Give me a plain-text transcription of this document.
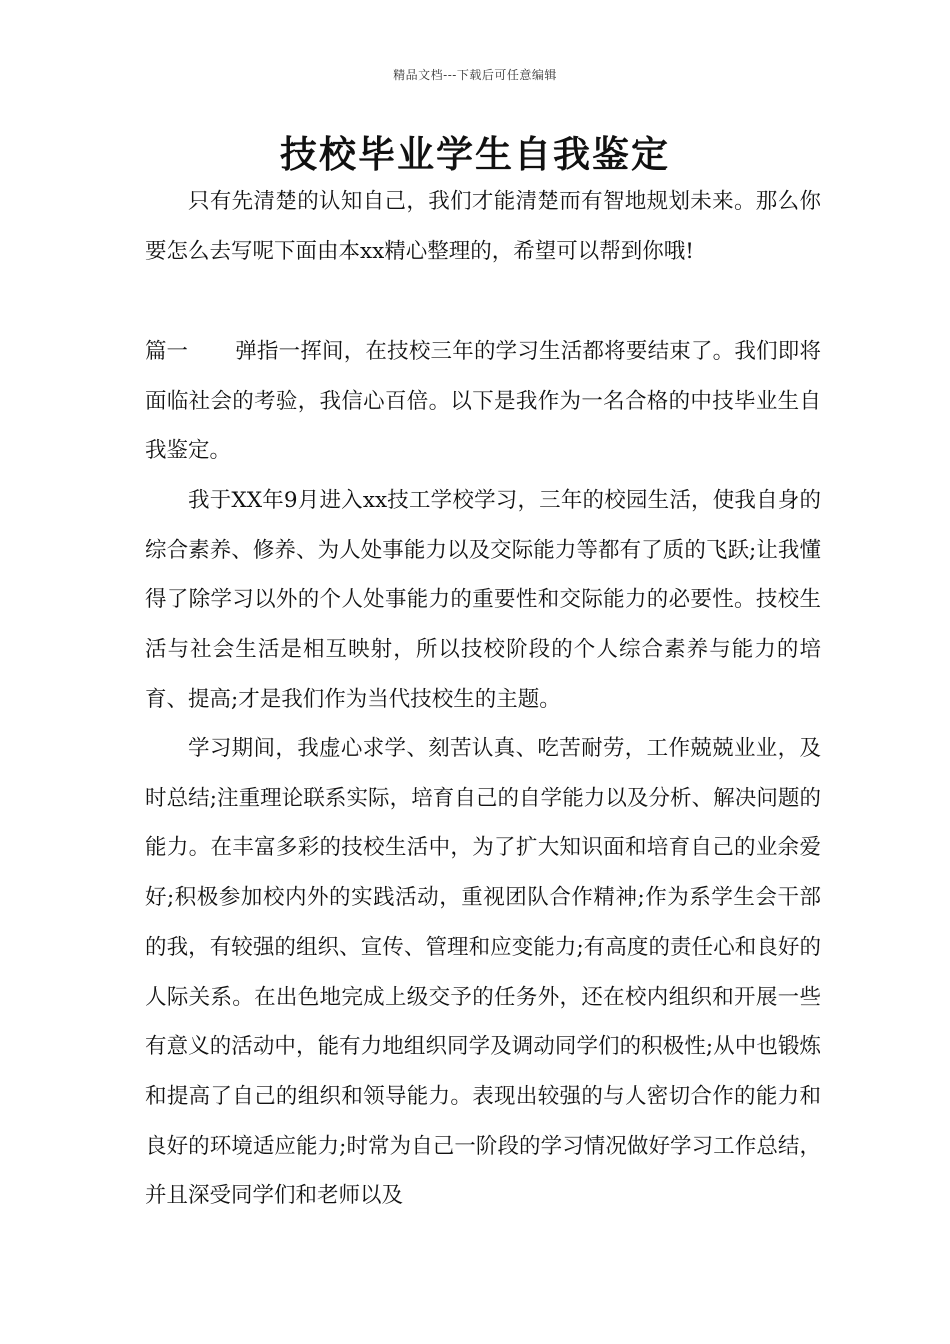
精品文档---下载后可任意编辑
技校毕业学生自我鉴定

只有先清楚的认知自己，我们才能清楚而有智地规划未来。那么你要怎么去写呢下面由本xx精心整理的，希望可以帮到你哦!

篇一 弹指一挥间，在技校三年的学习生活都将要结束了。我们即将面临社会的考验，我信心百倍。以下是我作为一名合格的中技毕业生自我鉴定。

我于XX年9月进入xx技工学校学习，三年的校园生活，使我自身的综合素养、修养、为人处事能力以及交际能力等都有了质的飞跃;让我懂得了除学习以外的个人处事能力的重要性和交际能力的必要性。技校生活与社会生活是相互映射，所以技校阶段的个人综合素养与能力的培育、提高;才是我们作为当代技校生的主题。

学习期间，我虚心求学、刻苦认真、吃苦耐劳，工作兢兢业业，及时总结;注重理论联系实际，培育自己的自学能力以及分析、解决问题的能力。在丰富多彩的技校生活中，为了扩大知识面和培育自己的业余爱好;积极参加校内外的实践活动，重视团队合作精神;作为系学生会干部的我，有较强的组织、宣传、管理和应变能力;有高度的责任心和良好的人际关系。在出色地完成上级交予的任务外，还在校内组织和开展一些有意义的活动中，能有力地组织同学及调动同学们的积极性;从中也锻炼和提高了自己的组织和领导能力。表现出较强的与人密切合作的能力和良好的环境适应能力;时常为自己一阶段的学习情况做好学习工作总结，并且深受同学们和老师以及
